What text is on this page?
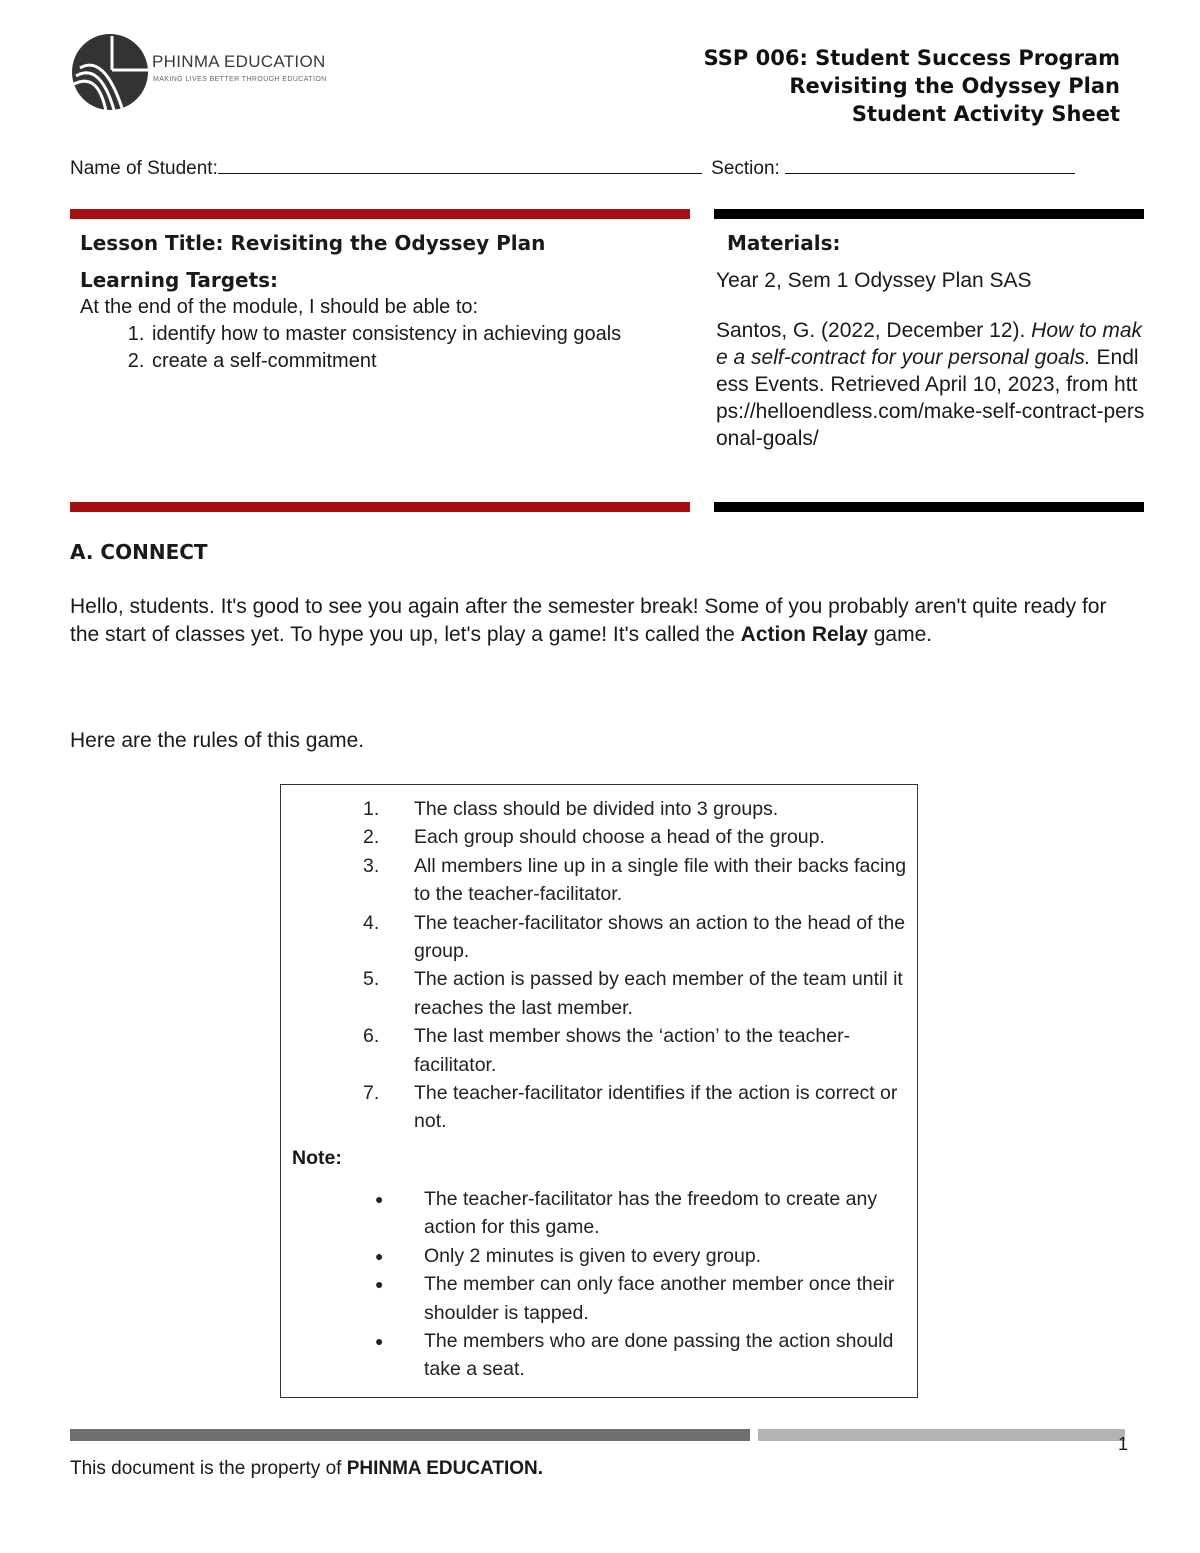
PHINMA EDUCATION
MAKING LIVES BETTER THROUGH EDUCATION
SSP 006: Student Success Program
Revisiting the Odyssey Plan
Student Activity Sheet
Name of Student:	Section:
Lesson Title: Revisiting the Odyssey Plan
Learning Targets:
At the end of the module, I should be able to:
1. identify how to master consistency in achieving goals
2. create a self-commitment
Materials:
Year 2, Sem 1 Odyssey Plan SAS
Santos, G. (2022, December 12). How to make a self-contract for your personal goals. Endless Events. Retrieved April 10, 2023, from https://helloendless.com/make-self-contract-personal-goals/
A. CONNECT
Hello, students. It's good to see you again after the semester break! Some of you probably aren't quite ready for the start of classes yet. To hype you up, let's play a game! It's called the Action Relay game.
Here are the rules of this game.
1.	The class should be divided into 3 groups.
2.	Each group should choose a head of the group.
3.	All members line up in a single file with their backs facing to the teacher-facilitator.
4.	The teacher-facilitator shows an action to the head of the group.
5.	The action is passed by each member of the team until it reaches the last member.
6.	The last member shows the ‘action’ to the teacher-facilitator.
7.	The teacher-facilitator identifies if the action is correct or not.
Note:
●	The teacher-facilitator has the freedom to create any action for this game.
●	Only 2 minutes is given to every group.
●	The member can only face another member once their shoulder is tapped.
●	The members who are done passing the action should take a seat.
1
This document is the property of PHINMA EDUCATION.
